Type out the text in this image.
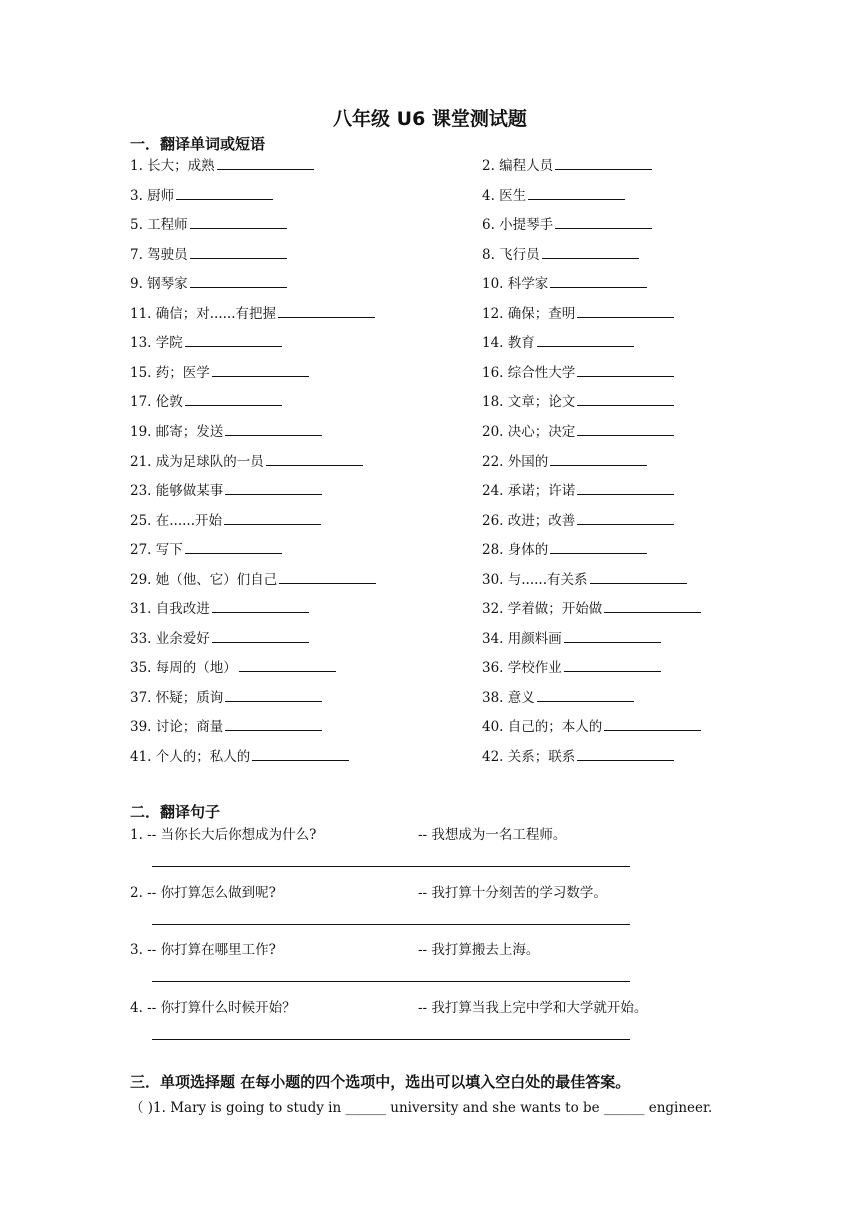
八年级 U6 课堂测试题
一．翻译单词或短语
1. 长大；成熟	2. 编程人员
3. 厨师	4. 医生
5. 工程师	6. 小提琴手
7. 驾驶员	8. 飞行员
9. 钢琴家	10. 科学家
11. 确信；对......有把握	12. 确保；查明
13. 学院	14. 教育
15. 药；医学	16. 综合性大学
17. 伦敦	18. 文章；论文
19. 邮寄；发送	20. 决心；决定
21. 成为足球队的一员	22. 外国的
23. 能够做某事	24. 承诺；许诺
25. 在......开始	26. 改进；改善
27. 写下	28. 身体的
29. 她（他、它）们自己	30. 与......有关系
31. 自我改进	32. 学着做；开始做
33. 业余爱好	34. 用颜料画
35. 每周的（地）	36. 学校作业
37. 怀疑；质询	38. 意义
39. 讨论；商量	40. 自己的；本人的
41. 个人的；私人的	42. 关系；联系
二．翻译句子
1. -- 当你长大后你想成为什么?	-- 我想成为一名工程师。
2. -- 你打算怎么做到呢?	-- 我打算十分刻苦的学习数学。
3. -- 你打算在哪里工作?	-- 我打算搬去上海。
4. -- 你打算什么时候开始？	-- 我打算当我上完中学和大学就开始。
三．单项选择题 在每小题的四个选项中，选出可以填入空白处的最佳答案。
（ )1. Mary is going to study in ______ university and she wants to be ______ engineer.
